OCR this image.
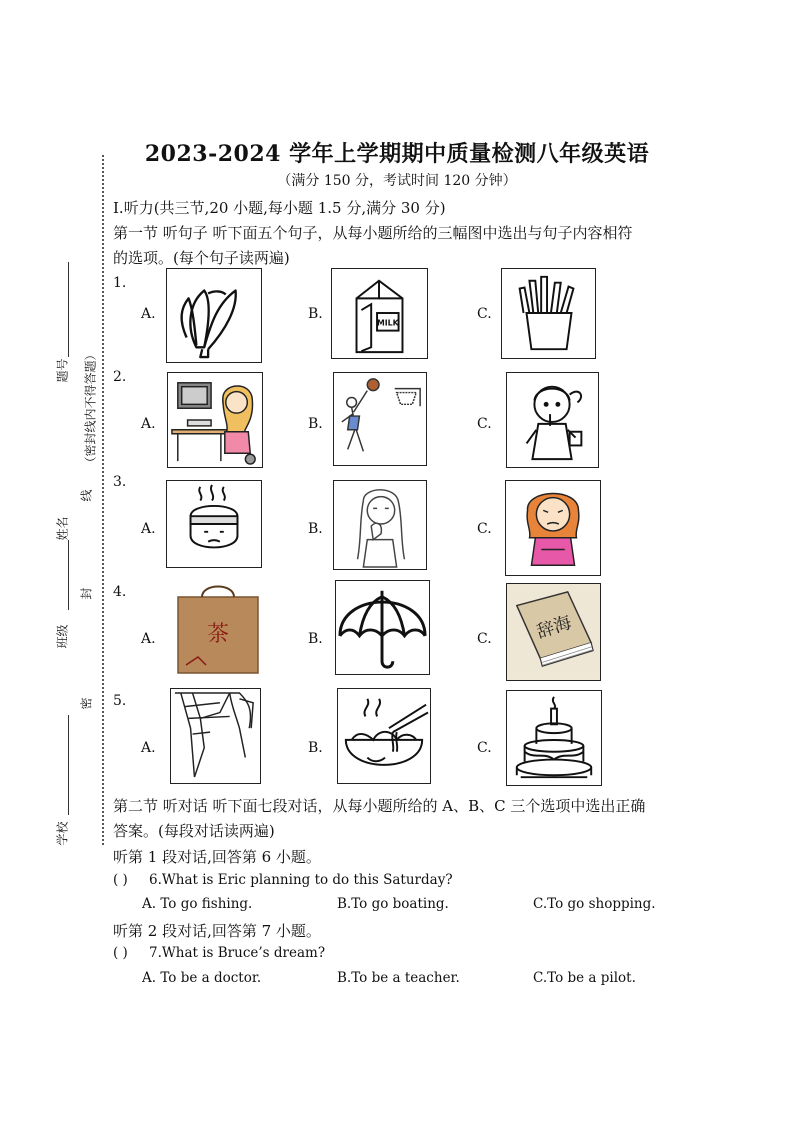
题号 （密封线内不得答题）
线
姓名
封
班级
密
学校
2023-2024 学年上学期期中质量检测八年级英语
（满分 150 分，考试时间 120 分钟）
I.听力(共三节,20 小题,每小题 1.5 分,满分 30 分)
第一节 听句子 听下面五个句子，从每小题所给的三幅图中选出与句子内容相符
的选项。(每个句子读两遍)
1.
A.	B.
MILK
C.
2.
A.	B.	C.
3.
A.	B.	C.
4.
A. 茶	B.	C. 辞海
5.
A.	B.	C.
第二节 听对话 听下面七段对话，从每小题所给的 A、B、C 三个选项中选出正确
答案。(每段对话读两遍)
听第 1 段对话,回答第 6 小题。
( ) 6.What is Eric planning to do this Saturday?
A. To go fishing.	B.To go boating.	C.To go shopping.
听第 2 段对话,回答第 7 小题。
( ) 7.What is Bruce’s dream?
A. To be a doctor.	B.To be a teacher.	C.To be a pilot.
